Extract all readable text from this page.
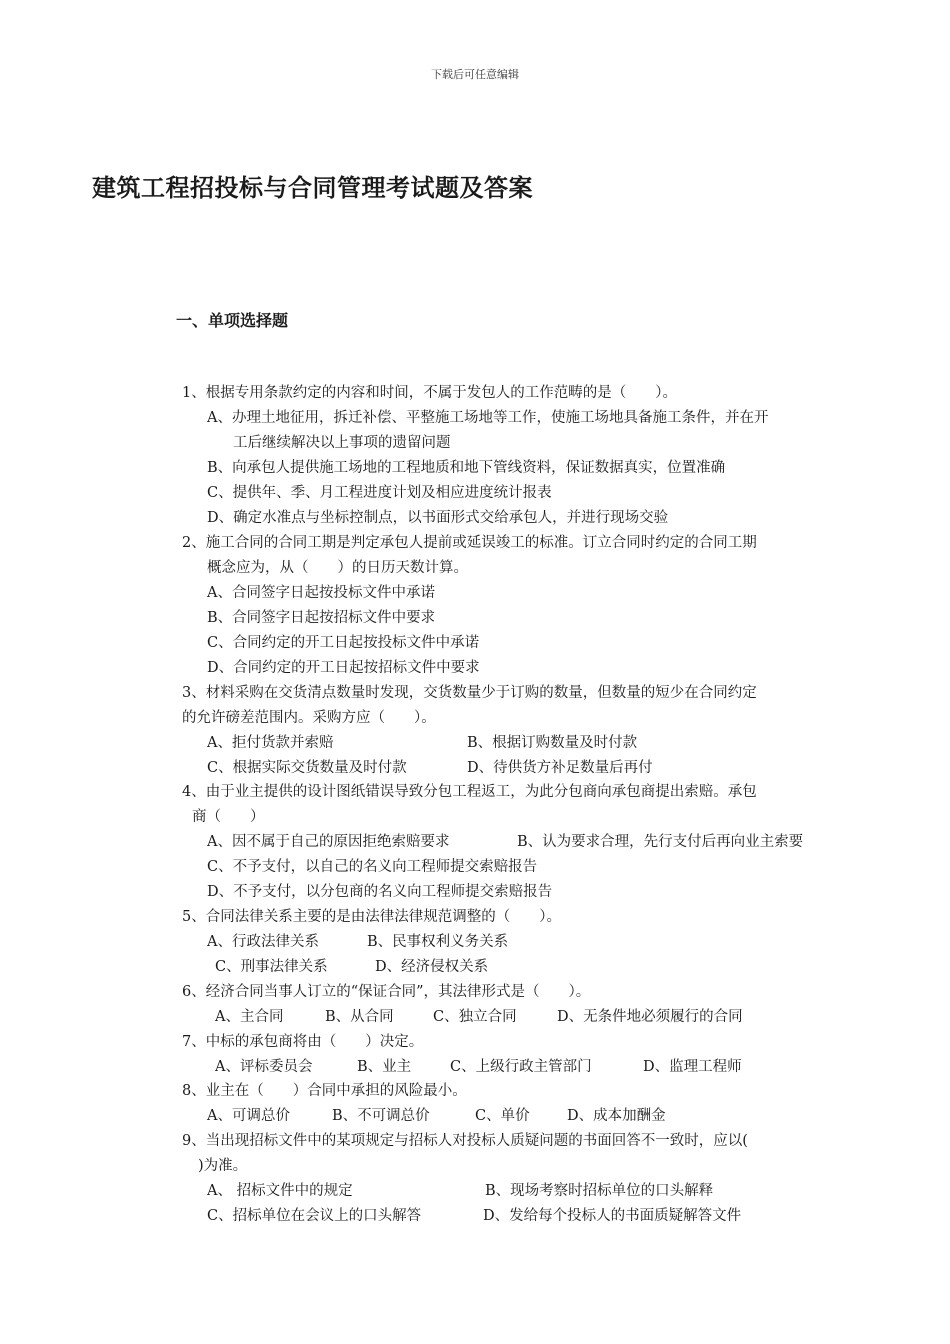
下载后可任意编辑
建筑工程招投标与合同管理考试题及答案
一、单项选择题
1、根据专用条款约定的内容和时间，不属于发包人的工作范畴的是（　　）。
A、办理土地征用，拆迁补偿、平整施工场地等工作，使施工场地具备施工条件，并在开
工后继续解决以上事项的遗留问题
B、向承包人提供施工场地的工程地质和地下管线资料，保证数据真实，位置准确
C、提供年、季、月工程进度计划及相应进度统计报表
D、确定水准点与坐标控制点，以书面形式交给承包人，并进行现场交验
2、施工合同的合同工期是判定承包人提前或延误竣工的标准。订立合同时约定的合同工期
概念应为，从（　　）的日历天数计算。
A、合同签字日起按投标文件中承诺
B、合同签字日起按招标文件中要求
C、合同约定的开工日起按投标文件中承诺
D、合同约定的开工日起按招标文件中要求
3、材料采购在交货清点数量时发现，交货数量少于订购的数量，但数量的短少在合同约定
的允许磅差范围内。采购方应（　　）。
A、拒付货款并索赔	B、根据订购数量及时付款
C、根据实际交货数量及时付款	D、待供货方补足数量后再付
4、由于业主提供的设计图纸错误导致分包工程返工，为此分包商向承包商提出索赔。承包
商（　　）
A、因不属于自己的原因拒绝索赔要求	B、认为要求合理，先行支付后再向业主索要
C、不予支付，以自己的名义向工程师提交索赔报告
D、不予支付，以分包商的名义向工程师提交索赔报告
5、合同法律关系主要的是由法律法律规范调整的（　　）。
A、行政法律关系	B、民事权利义务关系
C、刑事法律关系	D、经济侵权关系
6、经济合同当事人订立的“保证合同”，其法律形式是（　　）。
A、主合同	B、从合同	C、独立合同	D、无条件地必须履行的合同
7、中标的承包商将由（　　）决定。
A、评标委员会	B、业主	C、上级行政主管部门	D、监理工程师
8、业主在（　　）合同中承担的风险最小。
A、可调总价	B、不可调总价	C、单价	D、成本加酬金
9、当出现招标文件中的某项规定与招标人对投标人质疑问题的书面回答不一致时，应以(
)为准。
A、 招标文件中的规定	B、现场考察时招标单位的口头解释
C、招标单位在会议上的口头解答	D、发给每个投标人的书面质疑解答文件
